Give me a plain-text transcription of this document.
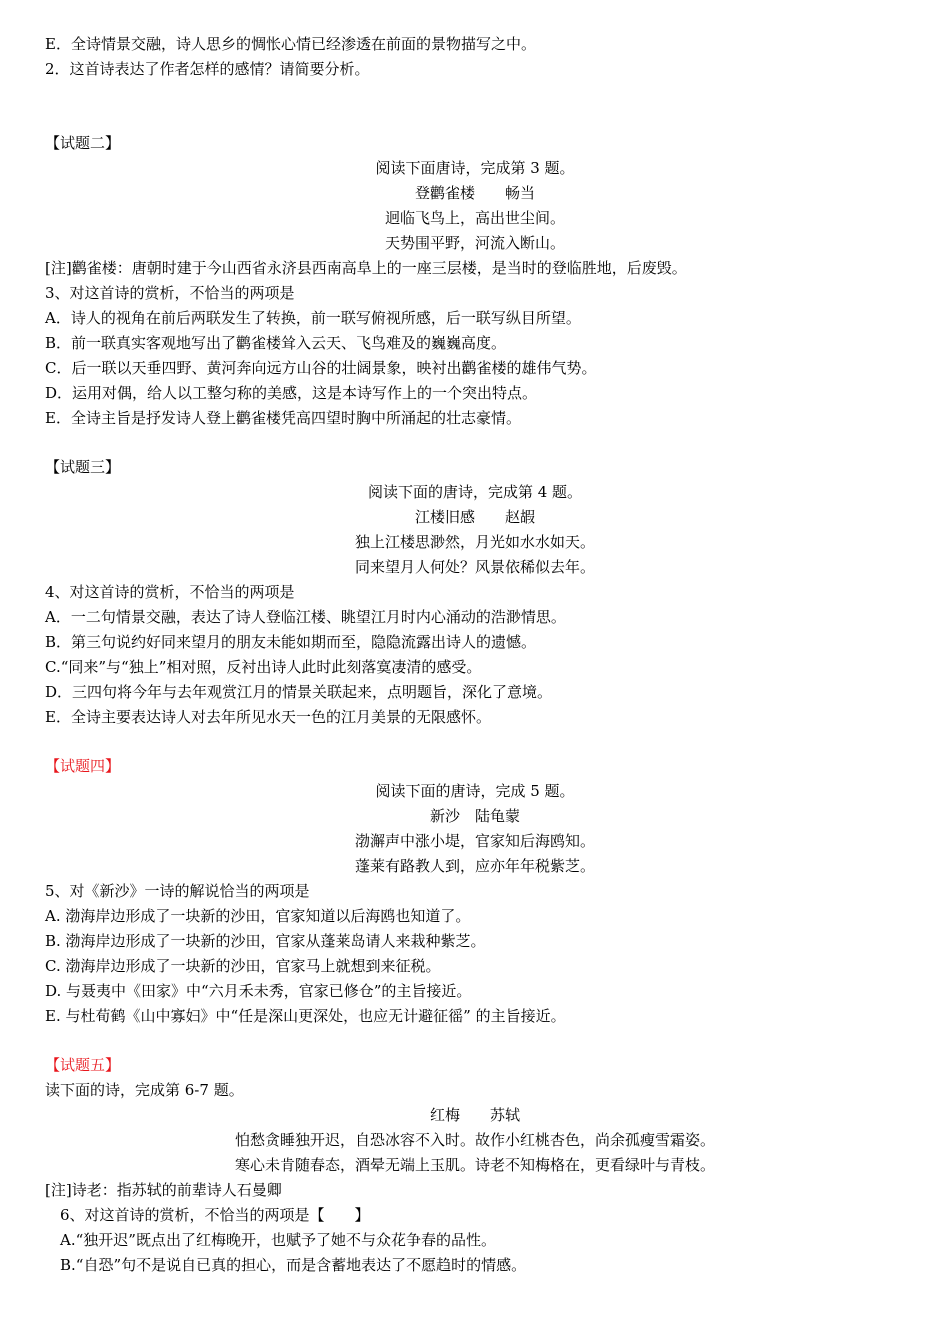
E．全诗情景交融，诗人思乡的惆怅心情已经渗透在前面的景物描写之中。
2．这首诗表达了作者怎样的感情？请简要分析。
【试题二】
阅读下面唐诗，完成第 3 题。
登鹳雀楼　　畅当
迥临飞鸟上，高出世尘间。
天势围平野，河流入断山。
[注]鹳雀楼：唐朝时建于今山西省永济县西南高阜上的一座三层楼，是当时的登临胜地，后废毁。
3、对这首诗的赏析，不恰当的两项是
A．诗人的视角在前后两联发生了转换，前一联写俯视所感，后一联写纵目所望。
B．前一联真实客观地写出了鹳雀楼耸入云天、飞鸟难及的巍巍高度。
C．后一联以天垂四野、黄河奔向远方山谷的壮阔景象，映衬出鹳雀楼的雄伟气势。
D．运用对偶，给人以工整匀称的美感，这是本诗写作上的一个突出特点。
E．全诗主旨是抒发诗人登上鹳雀楼凭高四望时胸中所涌起的壮志豪情。
【试题三】
阅读下面的唐诗，完成第 4 题。
江楼旧感　　赵嘏
独上江楼思渺然，月光如水水如天。
同来望月人何处？风景依稀似去年。
4、对这首诗的赏析，不恰当的两项是
A．一二句情景交融，表达了诗人登临江楼、眺望江月时内心涌动的浩渺情思。
B．第三句说约好同来望月的朋友未能如期而至，隐隐流露出诗人的遗憾。
C.“同来”与“独上”相对照，反衬出诗人此时此刻落寞凄清的感受。
D．三四句将今年与去年观赏江月的情景关联起来，点明题旨，深化了意境。
E．全诗主要表达诗人对去年所见水天一色的江月美景的无限感怀。
【试题四】
阅读下面的唐诗，完成 5 题。
新沙　陆龟蒙
渤澥声中涨小堤，官家知后海鸥知。
蓬莱有路教人到，应亦年年税紫芝。
5、对《新沙》一诗的解说恰当的两项是
A. 渤海岸边形成了一块新的沙田，官家知道以后海鸥也知道了。
B. 渤海岸边形成了一块新的沙田，官家从蓬莱岛请人来栽种紫芝。
C. 渤海岸边形成了一块新的沙田，官家马上就想到来征税。
D. 与聂夷中《田家》中“六月禾未秀，官家已修仓”的主旨接近。
E. 与杜荀鹤《山中寡妇》中“任是深山更深处，也应无计避征徭” 的主旨接近。
【试题五】
读下面的诗，完成第 6-7 题。
红梅　　苏轼
怕愁贪睡独开迟，自恐冰容不入时。故作小红桃杏色，尚余孤瘦雪霜姿。
寒心未肯随春态，酒晕无端上玉肌。诗老不知梅格在，更看绿叶与青枝。
[注]诗老：指苏轼的前辈诗人石曼卿
6、对这首诗的赏析，不恰当的两项是【　　】
A.“独开迟”既点出了红梅晚开，也赋予了她不与众花争春的品性。
B.“自恐”句不是说自已真的担心，而是含蓄地表达了不愿趋时的情感。
